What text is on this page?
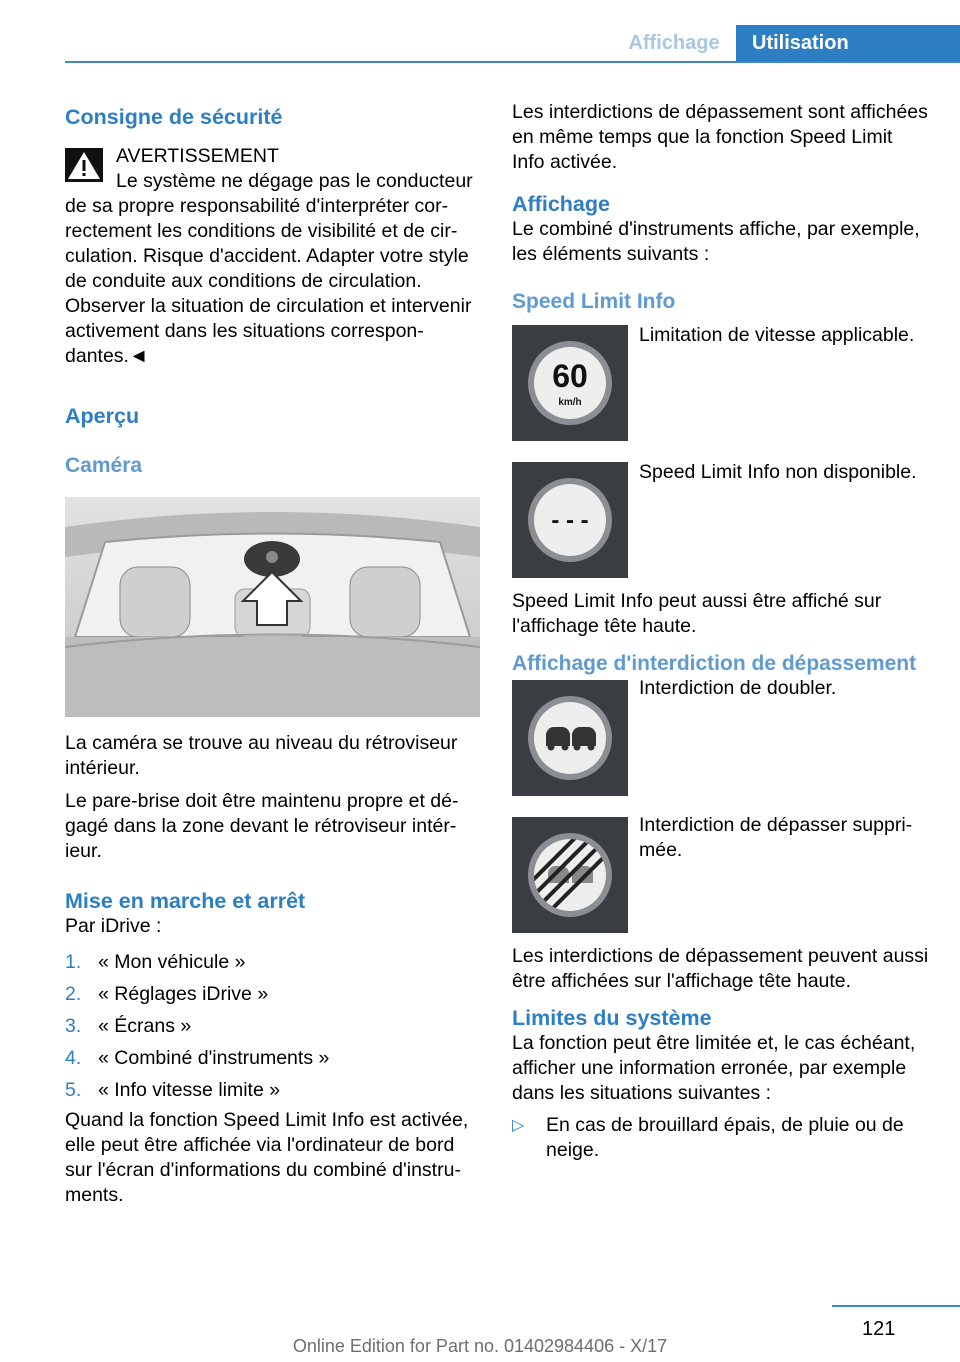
Affichage	Utilisation
Consigne de sécurité

AVERTISSEMENT

Le système ne dégage pas le conducteur

de sa propre responsabilité d'interpréter correctement les conditions de visibilité et de circulation. Risque d'accident. Adapter votre style de conduite aux conditions de circulation. Observer la situation de circulation et intervenir activement dans les situations correspondantes.◄

Aperçu
Caméra

La caméra se trouve au niveau du rétroviseur intérieur.

Le pare-brise doit être maintenu propre et dégagé dans la zone devant le rétroviseur intérieur.

Mise en marche et arrêt

Par iDrive :

1. « Mon véhicule »
2. « Réglages iDrive »
3. « Écrans »
4. « Combiné d'instruments »
5. « Info vitesse limite »

Quand la fonction Speed Limit Info est activée, elle peut être affichée via l'ordinateur de bord sur l'écran d'informations du combiné d'instruments.

Les interdictions de dépassement sont affichées en même temps que la fonction Speed Limit Info activée.

Affichage

Le combiné d'instruments affiche, par exemple, les éléments suivants :

Speed Limit Info
60
km/h

Limitation de vitesse applicable.

- - -

Speed Limit Info non disponible.

Speed Limit Info peut aussi être affiché sur l'affichage tête haute.

Affichage d'interdiction de dépassement

Interdiction de doubler.

Interdiction de dépasser supprimée.

Les interdictions de dépassement peuvent aussi être affichées sur l'affichage tête haute.

Limites du système

La fonction peut être limitée et, le cas échéant, afficher une information erronée, par exemple dans les situations suivantes :

▷	En cas de brouillard épais, de pluie ou de neige.

121
Online Edition for Part no. 01402984406 - X/17
